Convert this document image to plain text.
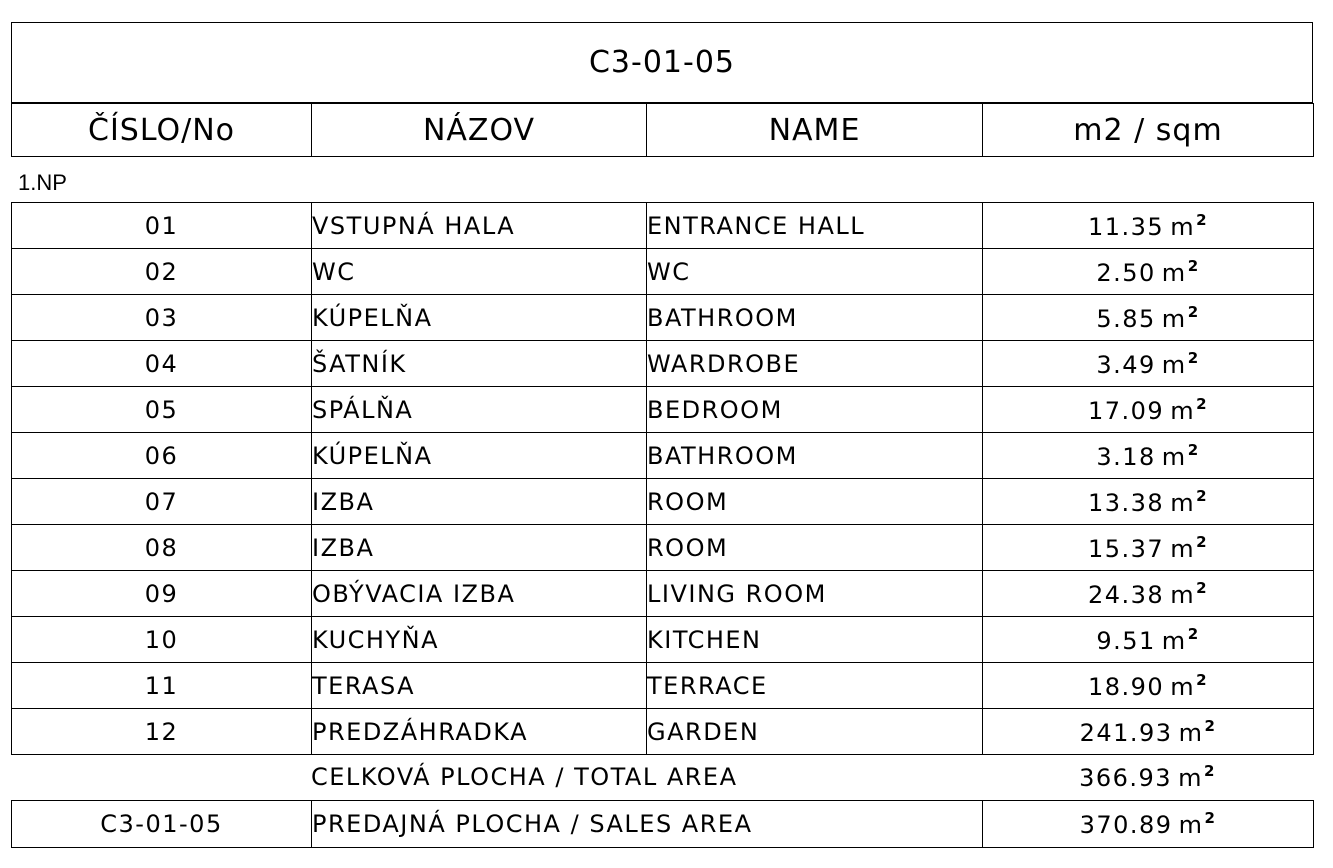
C3-01-05
ČÍSLO/No	NÁZOV	NAME	m2 / sqm
1.NP
01	VSTUPNÁ HALA	ENTRANCE HALL	11.35 $m^2$
02	WC	WC	2.50 $m^2$
03	KÚPELŇA	BATHROOM	5.85 $m^2$
04	ŠATNÍK	WARDROBE	3.49 $m^2$
05	SPÁLŇA	BEDROOM	17.09 $m^2$
06	KÚPELŇA	BATHROOM	3.18 $m^2$
07	IZBA	ROOM	13.38 $m^2$
08	IZBA	ROOM	15.37 $m^2$
09	OBÝVACIA IZBA	LIVING ROOM	24.38 $m^2$
10	KUCHYŇA	KITCHEN	9.51 $m^2$
11	TERASA	TERRACE	18.90 $m^2$
12	PREDZÁHRADKA	GARDEN	241.93 $m^2$
	CELKOVÁ PLOCHA / TOTAL AREA	366.93 $m^2$
C3-01-05	PREDAJNÁ PLOCHA / SALES AREA	370.89 $m^2$
